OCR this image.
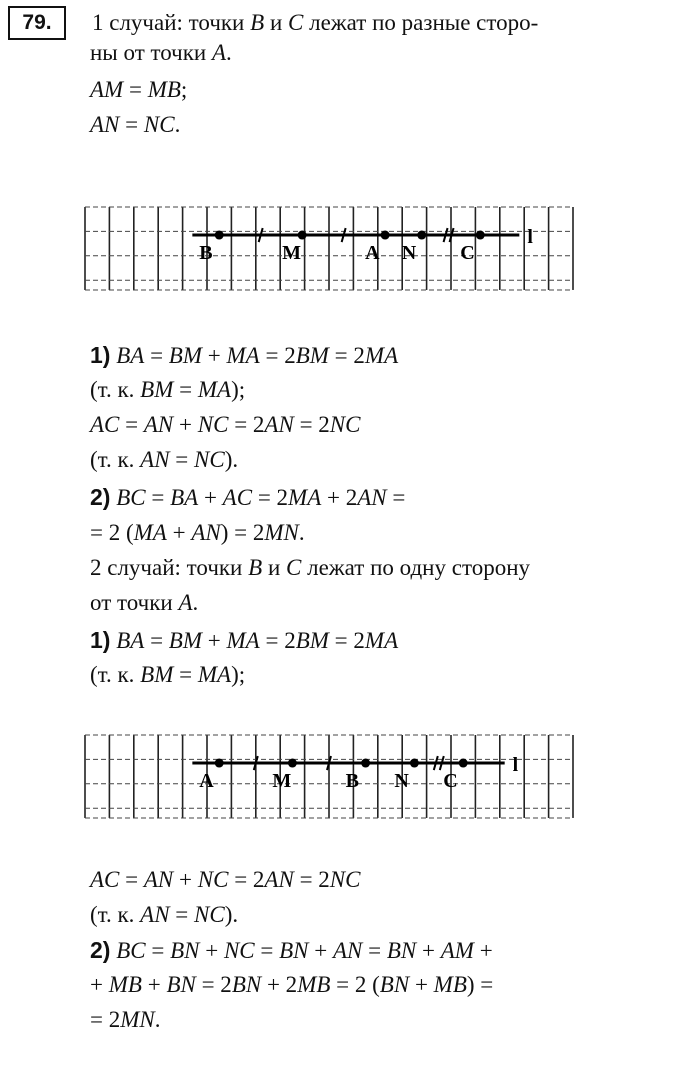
79.	1 случай: точки B и C лежат по разные сторо-
ны от точки A.
AM = MB;
AN = NC.
1) BA = BM + MA = 2BM = 2MA
(т. к. BM = MA);
AC = AN + NC = 2AN = 2NC
(т. к. AN = NC).
2) BC = BA + AC = 2MA + 2AN =
= 2 (MA + AN) = 2MN.
2 случай: точки B и C лежат по одну сторону
от точки A.
1) BA = BM + MA = 2BM = 2MA
(т. к. BM = MA);
AC = AN + NC = 2AN = 2NC
(т. к. AN = NC).
2) BC = BN + NC = BN + AN = BN + AM +
+ MB + BN = 2BN + 2MB = 2 (BN + MB) =
= 2MN.
l
B	M	A N C
l
A	M	B N C
